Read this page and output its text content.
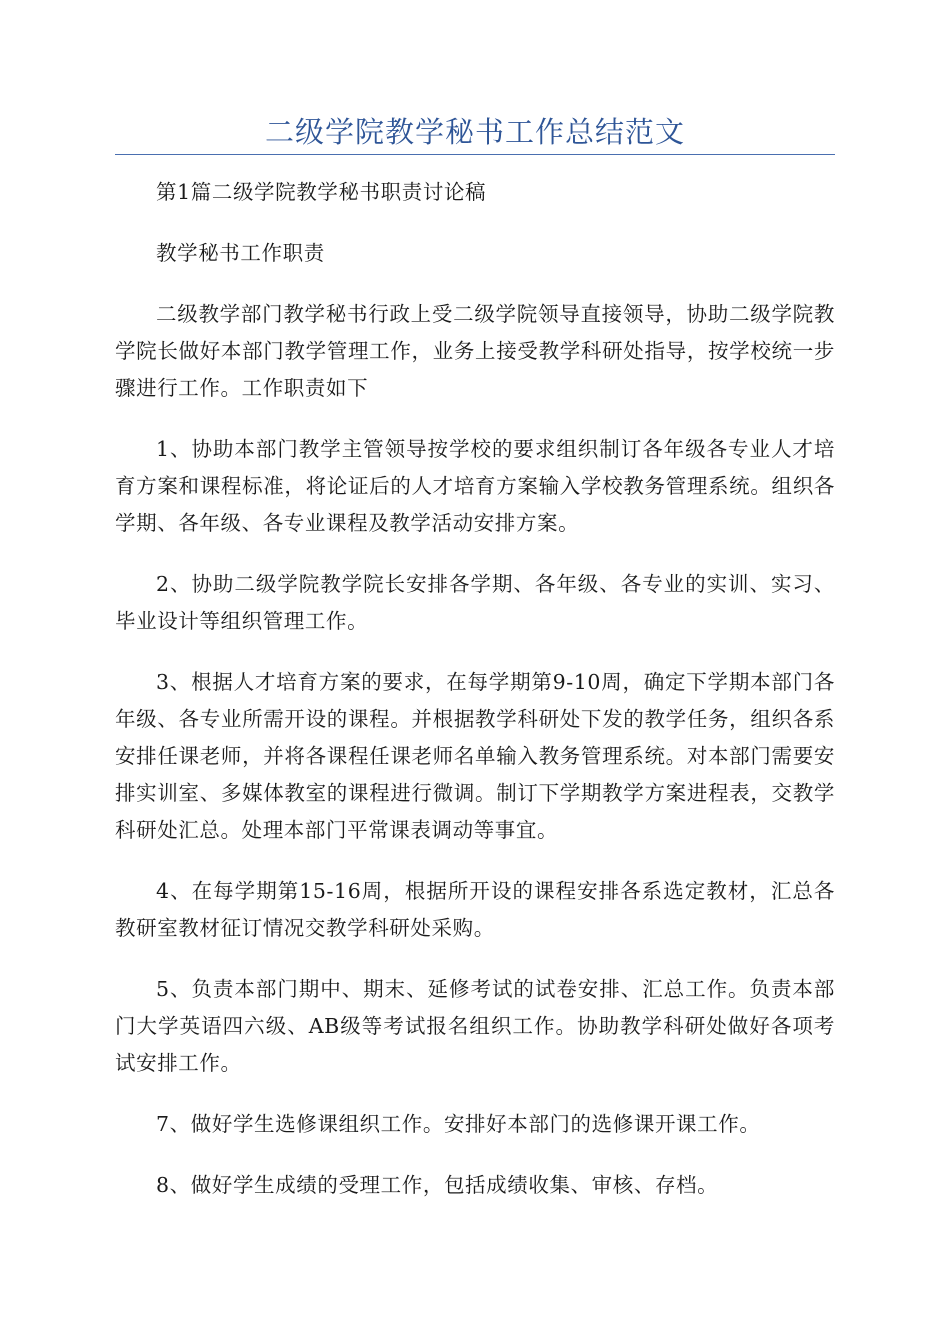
二级学院教学秘书工作总结范文

第1篇二级学院教学秘书职责讨论稿

教学秘书工作职责

二级教学部门教学秘书行政上受二级学院领导直接领导，协助二级学院教学院长做好本部门教学管理工作，业务上接受教学科研处指导，按学校统一步骤进行工作。工作职责如下

1、协助本部门教学主管领导按学校的要求组织制订各年级各专业人才培育方案和课程标准，将论证后的人才培育方案输入学校教务管理系统。组织各学期、各年级、各专业课程及教学活动安排方案。

2、协助二级学院教学院长安排各学期、各年级、各专业的实训、实习、毕业设计等组织管理工作。

3、根据人才培育方案的要求，在每学期第9-10周，确定下学期本部门各年级、各专业所需开设的课程。并根据教学科研处下发的教学任务，组织各系安排任课老师，并将各课程任课老师名单输入教务管理系统。对本部门需要安排实训室、多媒体教室的课程进行微调。制订下学期教学方案进程表，交教学科研处汇总。处理本部门平常课表调动等事宜。

4、在每学期第15-16周，根据所开设的课程安排各系选定教材，汇总各教研室教材征订情况交教学科研处采购。

5、负责本部门期中、期末、延修考试的试卷安排、汇总工作。负责本部门大学英语四六级、AB级等考试报名组织工作。协助教学科研处做好各项考试安排工作。

7、做好学生选修课组织工作。安排好本部门的选修课开课工作。

8、做好学生成绩的受理工作，包括成绩收集、审核、存档。
